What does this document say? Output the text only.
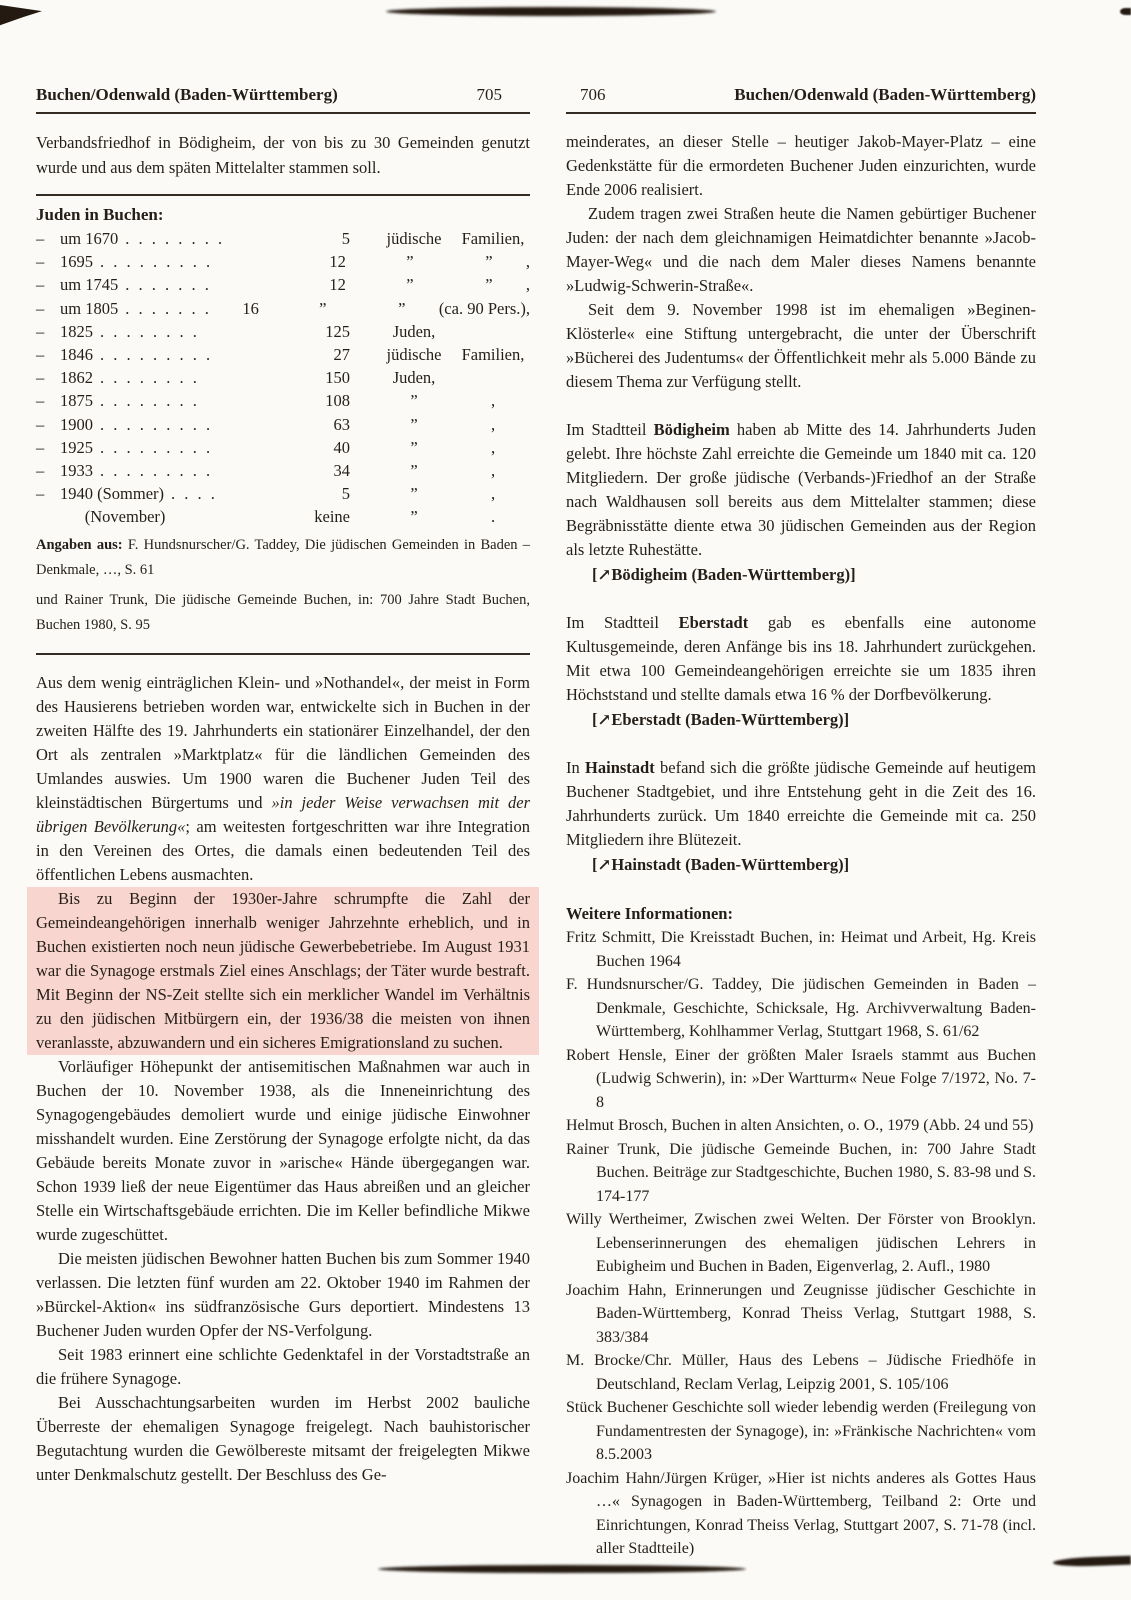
Buchen/Odenwald (Baden-Württemberg)	705

Verbandsfriedhof in Bödigheim, der von bis zu 30 Gemeinden genutzt wurde und aus dem späten Mittelalter stammen soll.

Juden in Buchen:
– um 1670 . . . . . . . .	5	jüdische	Familien,
– 1695 . . . . . . . . .	12	”	”	,
– um 1745 . . . . . . .	12	”	”	,
– um 1805 . . . . . . .	16	”	”	(ca. 90 Pers.),
– 1825 . . . . . . . .	125	Juden,
– 1846 . . . . . . . . .	27	jüdische	Familien,
– 1862 . . . . . . . .	150	Juden,
– 1875 . . . . . . . .	108	”	,
– 1900 . . . . . . . . .	63	”	,
– 1925 . . . . . . . . .	40	”	,
– 1933 . . . . . . . . .	34	”	,
– 1940 (Sommer) . . . .	5	”	,
(November)	keine	”	.

Angaben aus: F. Hundsnurscher/G. Taddey, Die jüdischen Gemeinden in Baden – Denkmale, …, S. 61

und Rainer Trunk, Die jüdische Gemeinde Buchen, in: 700 Jahre Stadt Buchen, Buchen 1980, S. 95

Aus dem wenig einträglichen Klein- und »Nothandel«, der meist in Form des Hausierens betrieben worden war, entwickelte sich in Buchen in der zweiten Hälfte des 19. Jahrhunderts ein stationärer Einzelhandel, der den Ort als zentralen »Marktplatz« für die ländlichen Gemeinden des Umlandes auswies. Um 1900 waren die Buchener Juden Teil des kleinstädtischen Bürgertums und »in jeder Weise verwachsen mit der übrigen Bevölkerung«; am weitesten fortgeschritten war ihre Integration in den Vereinen des Ortes, die damals einen bedeutenden Teil des öffentlichen Lebens ausmachten.

Bis zu Beginn der 1930er-Jahre schrumpfte die Zahl der Gemeindeangehörigen innerhalb weniger Jahrzehnte erheblich, und in Buchen existierten noch neun jüdische Gewerbebetriebe. Im August 1931 war die Synagoge erstmals Ziel eines Anschlags; der Täter wurde bestraft. Mit Beginn der NS-Zeit stellte sich ein merklicher Wandel im Verhältnis zu den jüdischen Mitbürgern ein, der 1936/38 die meisten von ihnen veranlasste, abzuwandern und ein sicheres Emigrationsland zu suchen.

Vorläufiger Höhepunkt der antisemitischen Maßnahmen war auch in Buchen der 10. November 1938, als die Inneneinrichtung des Synagogengebäudes demoliert wurde und einige jüdische Einwohner misshandelt wurden. Eine Zerstörung der Synagoge erfolgte nicht, da das Gebäude bereits Monate zuvor in »arische« Hände übergegangen war. Schon 1939 ließ der neue Eigentümer das Haus abreißen und an gleicher Stelle ein Wirtschaftsgebäude errichten. Die im Keller befindliche Mikwe wurde zugeschüttet.

Die meisten jüdischen Bewohner hatten Buchen bis zum Sommer 1940 verlassen. Die letzten fünf wurden am 22. Oktober 1940 im Rahmen der »Bürckel-Aktion« ins südfranzösische Gurs deportiert. Mindestens 13 Buchener Juden wurden Opfer der NS-Verfolgung.

Seit 1983 erinnert eine schlichte Gedenktafel in der Vorstadtstraße an die frühere Synagoge.

Bei Ausschachtungsarbeiten wurden im Herbst 2002 bauliche Überreste der ehemaligen Synagoge freigelegt. Nach bauhistorischer Begutachtung wurden die Gewölbereste mitsamt der freigelegten Mikwe unter Denkmalschutz gestellt. Der Beschluss des Ge-

706	Buchen/Odenwald (Baden-Württemberg)

meinderates, an dieser Stelle – heutiger Jakob-Mayer-Platz – eine Gedenkstätte für die ermordeten Buchener Juden einzurichten, wurde Ende 2006 realisiert.

Zudem tragen zwei Straßen heute die Namen gebürtiger Buchener Juden: der nach dem gleichnamigen Heimatdichter benannte »Jacob-Mayer-Weg« und die nach dem Maler dieses Namens benannte »Ludwig-Schwerin-Straße«.

Seit dem 9. November 1998 ist im ehemaligen »Beginen-Klösterle« eine Stiftung untergebracht, die unter der Überschrift »Bücherei des Judentums« der Öffentlichkeit mehr als 5.000 Bände zu diesem Thema zur Verfügung stellt.

Im Stadtteil Bödigheim haben ab Mitte des 14. Jahrhunderts Juden gelebt. Ihre höchste Zahl erreichte die Gemeinde um 1840 mit ca. 120 Mitgliedern. Der große jüdische (Verbands-)Friedhof an der Straße nach Waldhausen soll bereits aus dem Mittelalter stammen; diese Begräbnisstätte diente etwa 30 jüdischen Gemeinden aus der Region als letzte Ruhestätte.

[↗Bödigheim (Baden-Württemberg)]

Im Stadtteil Eberstadt gab es ebenfalls eine autonome Kultusgemeinde, deren Anfänge bis ins 18. Jahrhundert zurückgehen. Mit etwa 100 Gemeindeangehörigen erreichte sie um 1835 ihren Höchststand und stellte damals etwa 16 % der Dorfbevölkerung.

[↗Eberstadt (Baden-Württemberg)]

In Hainstadt befand sich die größte jüdische Gemeinde auf heutigem Buchener Stadtgebiet, und ihre Entstehung geht in die Zeit des 16. Jahrhunderts zurück. Um 1840 erreichte die Gemeinde mit ca. 250 Mitgliedern ihre Blütezeit.

[↗Hainstadt (Baden-Württemberg)]

Weitere Informationen:

Fritz Schmitt, Die Kreisstadt Buchen, in: Heimat und Arbeit, Hg. Kreis Buchen 1964

F. Hundsnurscher/G. Taddey, Die jüdischen Gemeinden in Baden – Denkmale, Geschichte, Schicksale, Hg. Archivverwaltung Baden-Württemberg, Kohlhammer Verlag, Stuttgart 1968, S. 61/62

Robert Hensle, Einer der größten Maler Israels stammt aus Buchen (Ludwig Schwerin), in: »Der Wartturm« Neue Folge 7/1972, No. 7-8

Helmut Brosch, Buchen in alten Ansichten, o. O., 1979 (Abb. 24 und 55)

Rainer Trunk, Die jüdische Gemeinde Buchen, in: 700 Jahre Stadt Buchen. Beiträge zur Stadtgeschichte, Buchen 1980, S. 83-98 und S. 174-177

Willy Wertheimer, Zwischen zwei Welten. Der Förster von Brooklyn. Lebenserinnerungen des ehemaligen jüdischen Lehrers in Eubigheim und Buchen in Baden, Eigenverlag, 2. Aufl., 1980

Joachim Hahn, Erinnerungen und Zeugnisse jüdischer Geschichte in Baden-Württemberg, Konrad Theiss Verlag, Stuttgart 1988, S. 383/384

M. Brocke/Chr. Müller, Haus des Lebens – Jüdische Friedhöfe in Deutschland, Reclam Verlag, Leipzig 2001, S. 105/106

Stück Buchener Geschichte soll wieder lebendig werden (Freilegung von Fundamentresten der Synagoge), in: »Fränkische Nachrichten« vom 8.5.2003

Joachim Hahn/Jürgen Krüger, »Hier ist nichts anderes als Gottes Haus …« Synagogen in Baden-Württemberg, Teilband 2: Orte und Einrichtungen, Konrad Theiss Verlag, Stuttgart 2007, S. 71-78 (incl. aller Stadtteile)
